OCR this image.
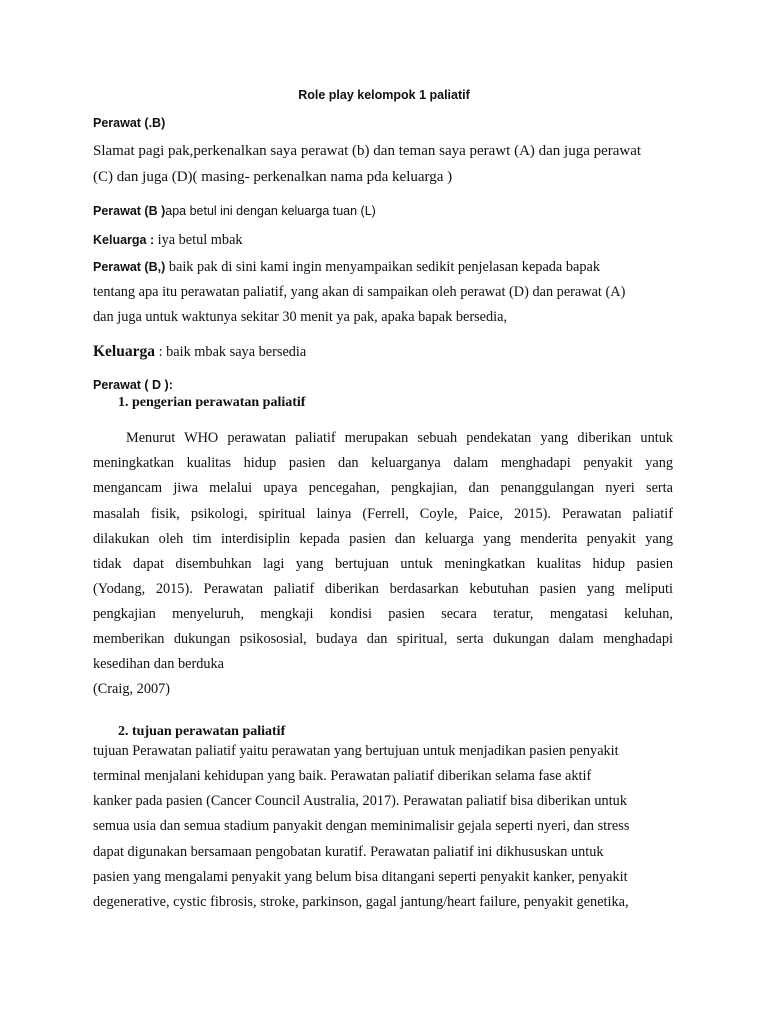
Role play kelompok 1 paliatif
Perawat (.B)
Slamat pagi pak,perkenalkan saya perawat (b) dan teman saya perawt (A) dan juga perawat
(C) dan juga (D)( masing- perkenalkan nama pda keluarga )
Perawat (B )apa betul ini dengan keluarga tuan (L)
Keluarga : iya betul mbak
Perawat (B,) baik pak di sini kami ingin menyampaikan sedikit penjelasan kepada bapak
tentang apa itu perawatan paliatif, yang akan di sampaikan oleh perawat (D) dan perawat (A)
dan juga untuk waktunya sekitar 30 menit ya pak, apaka bapak bersedia,
Keluarga : baik mbak saya bersedia
Perawat ( D ):
1. pengerian perawatan paliatif
Menurut WHO perawatan paliatif merupakan sebuah pendekatan yang diberikan untuk
meningkatkan kualitas hidup pasien dan keluarganya dalam menghadapi penyakit yang
mengancam jiwa melalui upaya pencegahan, pengkajian, dan penanggulangan nyeri serta
masalah fisik, psikologi, spiritual lainya (Ferrell, Coyle, Paice, 2015). Perawatan paliatif
dilakukan oleh tim interdisiplin kepada pasien dan keluarga yang menderita penyakit yang
tidak dapat disembuhkan lagi yang bertujuan untuk meningkatkan kualitas hidup pasien
(Yodang, 2015). Perawatan paliatif diberikan berdasarkan kebutuhan pasien yang meliputi
pengkajian menyeluruh, mengkaji kondisi pasien secara teratur, mengatasi keluhan,
memberikan dukungan psikososial, budaya dan spiritual, serta dukungan dalam menghadapi
kesedihan dan berduka
(Craig, 2007)
2. tujuan perawatan paliatif
tujuan Perawatan paliatif yaitu perawatan yang bertujuan untuk menjadikan pasien penyakit
terminal menjalani kehidupan yang baik. Perawatan paliatif diberikan selama fase aktif
kanker pada pasien (Cancer Council Australia, 2017). Perawatan paliatif bisa diberikan untuk
semua usia dan semua stadium panyakit dengan meminimalisir gejala seperti nyeri, dan stress
dapat digunakan bersamaan pengobatan kuratif. Perawatan paliatif ini dikhususkan untuk
pasien yang mengalami penyakit yang belum bisa ditangani seperti penyakit kanker, penyakit
degenerative, cystic fibrosis, stroke, parkinson, gagal jantung/heart failure, penyakit genetika,
